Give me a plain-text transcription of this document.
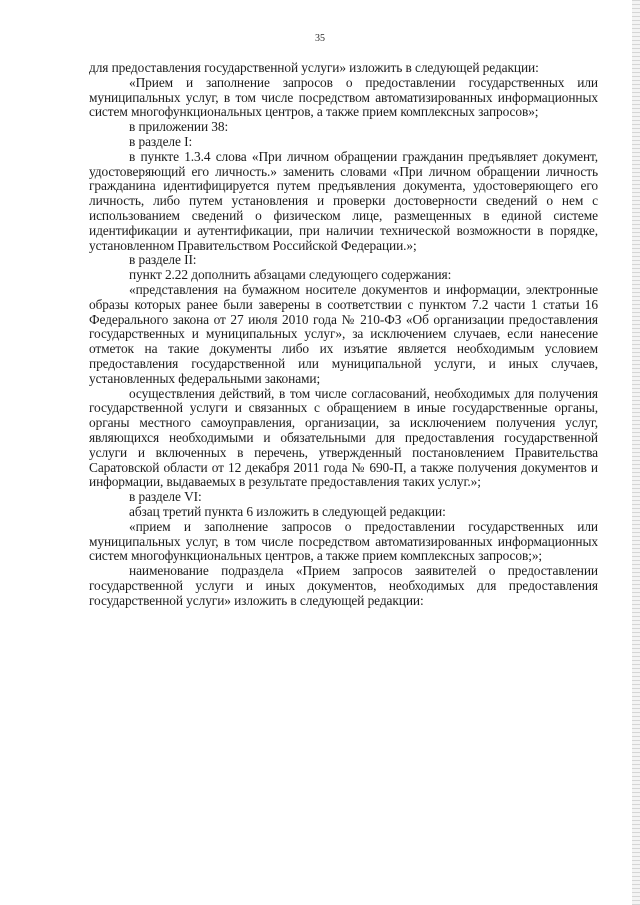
35

для предоставления государственной услуги» изложить в следующей редакции:

«Прием и заполнение запросов о предоставлении государственных или муниципальных услуг, в том числе посредством автоматизированных информационных систем многофункциональных центров, а также прием комплексных запросов»;

в приложении 38:

в разделе I:

в пункте 1.3.4 слова «При личном обращении гражданин предъявляет документ, удостоверяющий его личность.» заменить словами «При личном обращении личность гражданина идентифицируется путем предъявления документа, удостоверяющего его личность, либо путем установления и проверки достоверности сведений о нем с использованием сведений о физическом лице, размещенных в единой системе идентификации и аутентификации, при наличии технической возможности в порядке, установленном Правительством Российской Федерации.»;

в разделе II:

пункт 2.22 дополнить абзацами следующего содержания:

«представления на бумажном носителе документов и информации, электронные образы которых ранее были заверены в соответствии с пунктом 7.2 части 1 статьи 16 Федерального закона от 27 июля 2010 года № 210-ФЗ «Об организации предоставления государственных и муниципальных услуг», за исключением случаев, если нанесение отметок на такие документы либо их изъятие является необходимым условием предоставления государственной или муниципальной услуги, и иных случаев, установленных федеральными законами;

осуществления действий, в том числе согласований, необходимых для получения государственной услуги и связанных с обращением в иные государственные органы, органы местного самоуправления, организации, за исключением получения услуг, являющихся необходимыми и обязательными для предоставления государственной услуги и включенных в перечень, утвержденный постановлением Правительства Саратовской области от 12 декабря 2011 года № 690-П, а также получения документов и информации, выдаваемых в результате предоставления таких услуг.»;

в разделе VI:

абзац третий пункта 6 изложить в следующей редакции:

«прием и заполнение запросов о предоставлении государственных или муниципальных услуг, в том числе посредством автоматизированных информационных систем многофункциональных центров, а также прием комплексных запросов;»;

наименование подраздела «Прием запросов заявителей о предоставлении государственной услуги и иных документов, необходимых для предоставления государственной услуги» изложить в следующей редакции:
